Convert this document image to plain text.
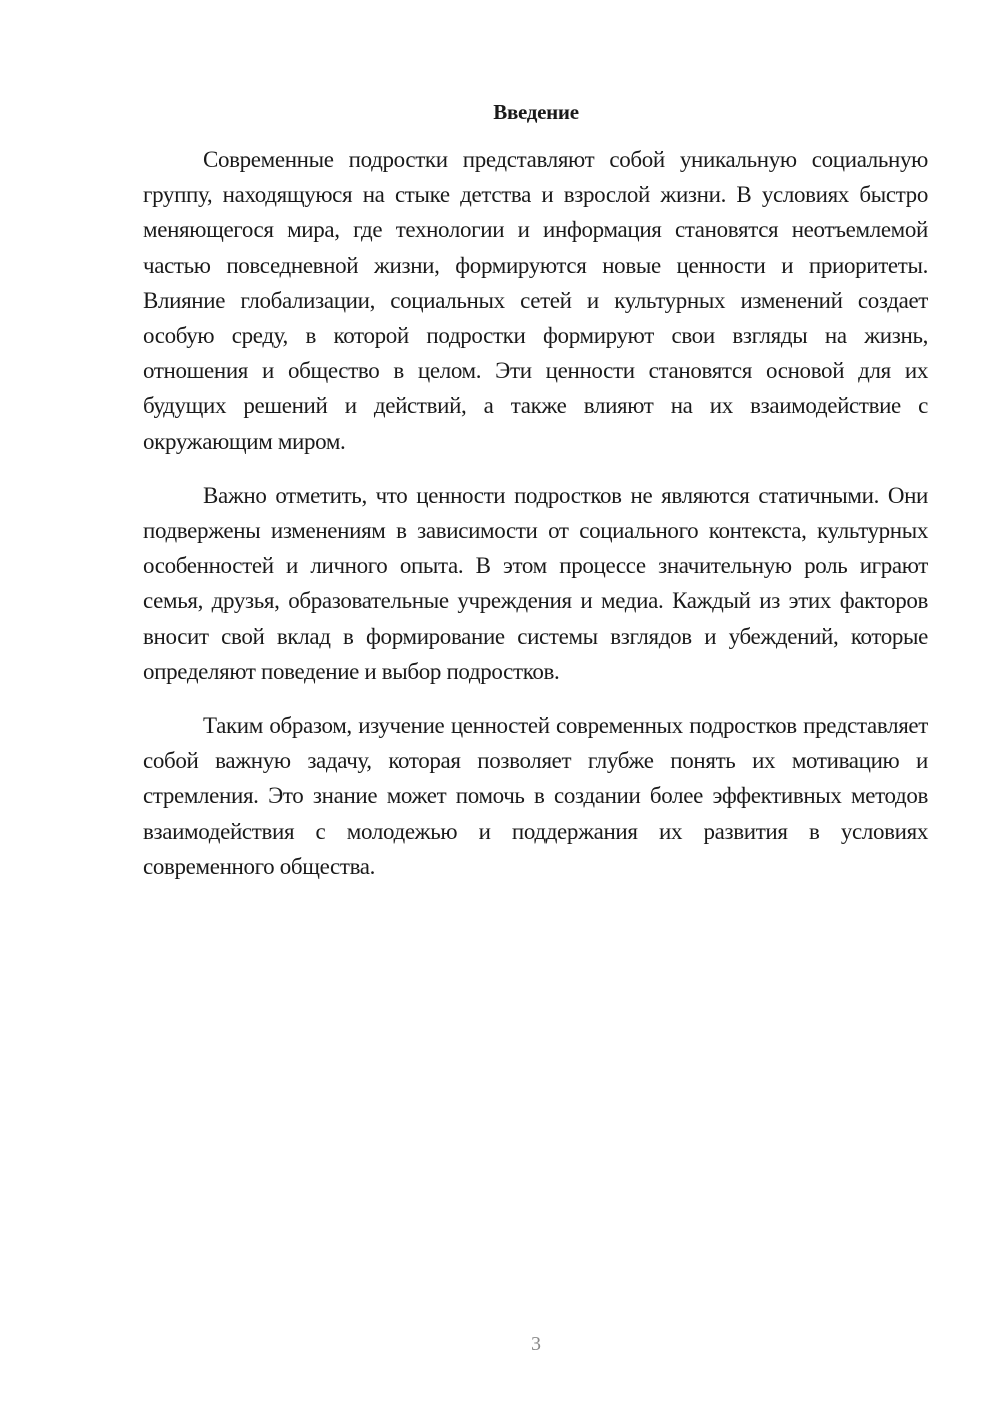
Введение

Современные подростки представляют собой уникальную социальную группу, находящуюся на стыке детства и взрослой жизни. В условиях быстро меняющегося мира, где технологии и информация становятся неотъемлемой частью повседневной жизни, формируются новые ценности и приоритеты. Влияние глобализации, социальных сетей и культурных изменений создает особую среду, в которой подростки формируют свои взгляды на жизнь, отношения и общество в целом. Эти ценности становятся основой для их будущих решений и действий, а также влияют на их взаимодействие с окружающим миром.

Важно отметить, что ценности подростков не являются статичными. Они подвержены изменениям в зависимости от социального контекста, культурных особенностей и личного опыта. В этом процессе значительную роль играют семья, друзья, образовательные учреждения и медиа. Каждый из этих факторов вносит свой вклад в формирование системы взглядов и убеждений, которые определяют поведение и выбор подростков.

Таким образом, изучение ценностей современных подростков представляет собой важную задачу, которая позволяет глубже понять их мотивацию и стремления. Это знание может помочь в создании более эффективных методов взаимодействия с молодежью и поддержания их развития в условиях современного общества.

3
